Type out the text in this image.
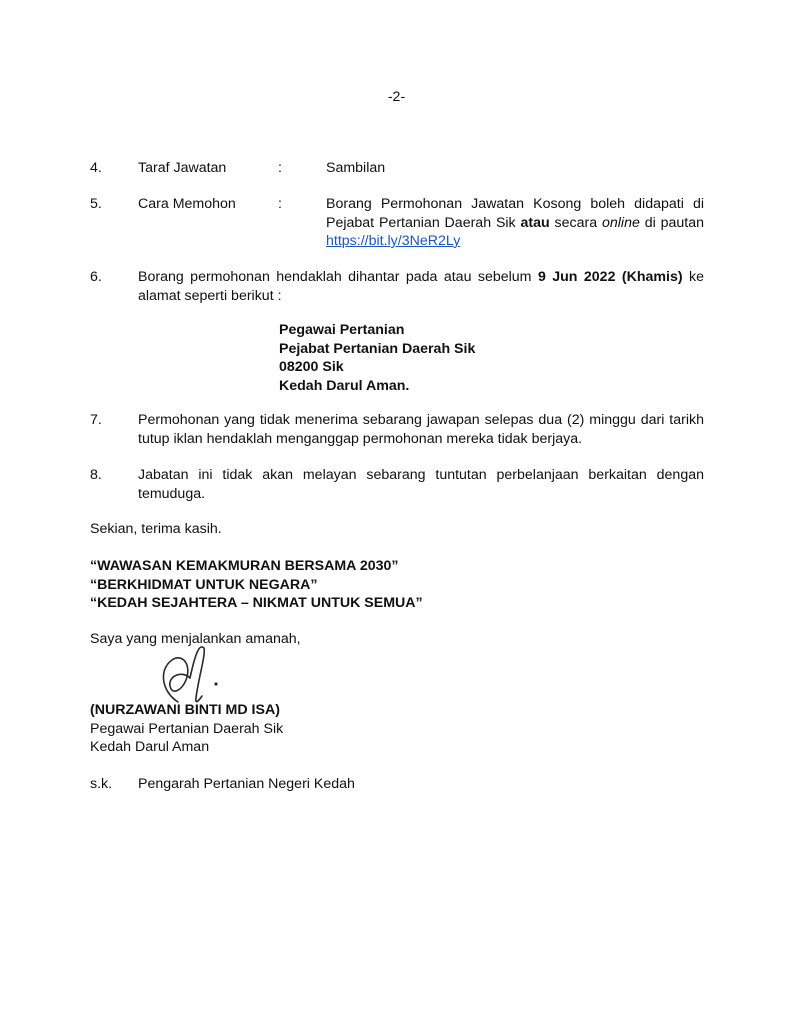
-2-
4.	Taraf Jawatan	:	Sambilan
5.	Cara Memohon	:	Borang Permohonan Jawatan Kosong boleh didapati di Pejabat Pertanian Daerah Sik atau secara online di pautan https://bit.ly/3NeR2Ly
6.	Borang permohonan hendaklah dihantar pada atau sebelum 9 Jun 2022 (Khamis) ke alamat seperti berikut :
Pegawai Pertanian
Pejabat Pertanian Daerah Sik
08200 Sik
Kedah Darul Aman.
7.	Permohonan yang tidak menerima sebarang jawapan selepas dua (2) minggu dari tarikh tutup iklan hendaklah menganggap permohonan mereka tidak berjaya.
8.	Jabatan ini tidak akan melayan sebarang tuntutan perbelanjaan berkaitan dengan temuduga.
Sekian, terima kasih.
“WAWASAN KEMAKMURAN BERSAMA 2030”
“BERKHIDMAT UNTUK NEGARA”
“KEDAH SEJAHTERA – NIKMAT UNTUK SEMUA”
Saya yang menjalankan amanah,
(NURZAWANI BINTI MD ISA)
Pegawai Pertanian Daerah Sik
Kedah Darul Aman
s.k. Pengarah Pertanian Negeri Kedah
